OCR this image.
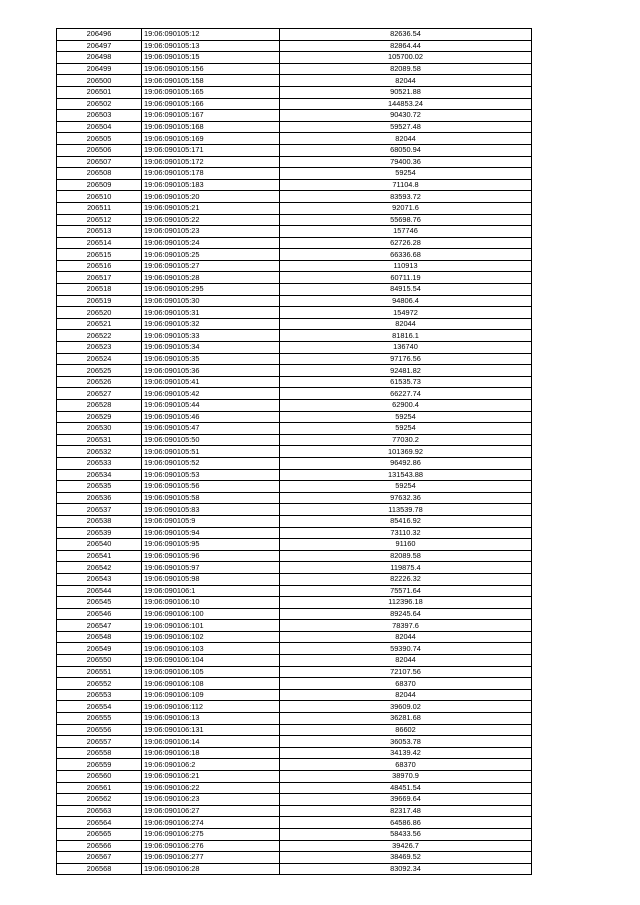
206496	19:06:090105:12	82636.54
206497	19:06:090105:13	82864.44
206498	19:06:090105:15	105700.02
206499	19:06:090105:156	82089.58
206500	19:06:090105:158	82044
206501	19:06:090105:165	90521.88
206502	19:06:090105:166	144853.24
206503	19:06:090105:167	90430.72
206504	19:06:090105:168	59527.48
206505	19:06:090105:169	82044
206506	19:06:090105:171	68050.94
206507	19:06:090105:172	79400.36
206508	19:06:090105:178	59254
206509	19:06:090105:183	71104.8
206510	19:06:090105:20	83593.72
206511	19:06:090105:21	92071.6
206512	19:06:090105:22	55698.76
206513	19:06:090105:23	157746
206514	19:06:090105:24	62726.28
206515	19:06:090105:25	66336.68
206516	19:06:090105:27	110913
206517	19:06:090105:28	60711.19
206518	19:06:090105:295	84915.54
206519	19:06:090105:30	94806.4
206520	19:06:090105:31	154972
206521	19:06:090105:32	82044
206522	19:06:090105:33	81816.1
206523	19:06:090105:34	136740
206524	19:06:090105:35	97176.56
206525	19:06:090105:36	92481.82
206526	19:06:090105:41	61535.73
206527	19:06:090105:42	66227.74
206528	19:06:090105:44	62900.4
206529	19:06:090105:46	59254
206530	19:06:090105:47	59254
206531	19:06:090105:50	77030.2
206532	19:06:090105:51	101369.92
206533	19:06:090105:52	96492.86
206534	19:06:090105:53	131543.88
206535	19:06:090105:56	59254
206536	19:06:090105:58	97632.36
206537	19:06:090105:83	113539.78
206538	19:06:090105:9	85416.92
206539	19:06:090105:94	73110.32
206540	19:06:090105:95	91160
206541	19:06:090105:96	82089.58
206542	19:06:090105:97	119875.4
206543	19:06:090105:98	82226.32
206544	19:06:090106:1	75571.64
206545	19:06:090106:10	112396.18
206546	19:06:090106:100	89245.64
206547	19:06:090106:101	78397.6
206548	19:06:090106:102	82044
206549	19:06:090106:103	59390.74
206550	19:06:090106:104	82044
206551	19:06:090106:105	72107.56
206552	19:06:090106:108	68370
206553	19:06:090106:109	82044
206554	19:06:090106:112	39609.02
206555	19:06:090106:13	36281.68
206556	19:06:090106:131	86602
206557	19:06:090106:14	36053.78
206558	19:06:090106:18	34139.42
206559	19:06:090106:2	68370
206560	19:06:090106:21	38970.9
206561	19:06:090106:22	48451.54
206562	19:06:090106:23	39669.64
206563	19:06:090106:27	82317.48
206564	19:06:090106:274	64586.86
206565	19:06:090106:275	58433.56
206566	19:06:090106:276	39426.7
206567	19:06:090106:277	38469.52
206568	19:06:090106:28	83092.34
